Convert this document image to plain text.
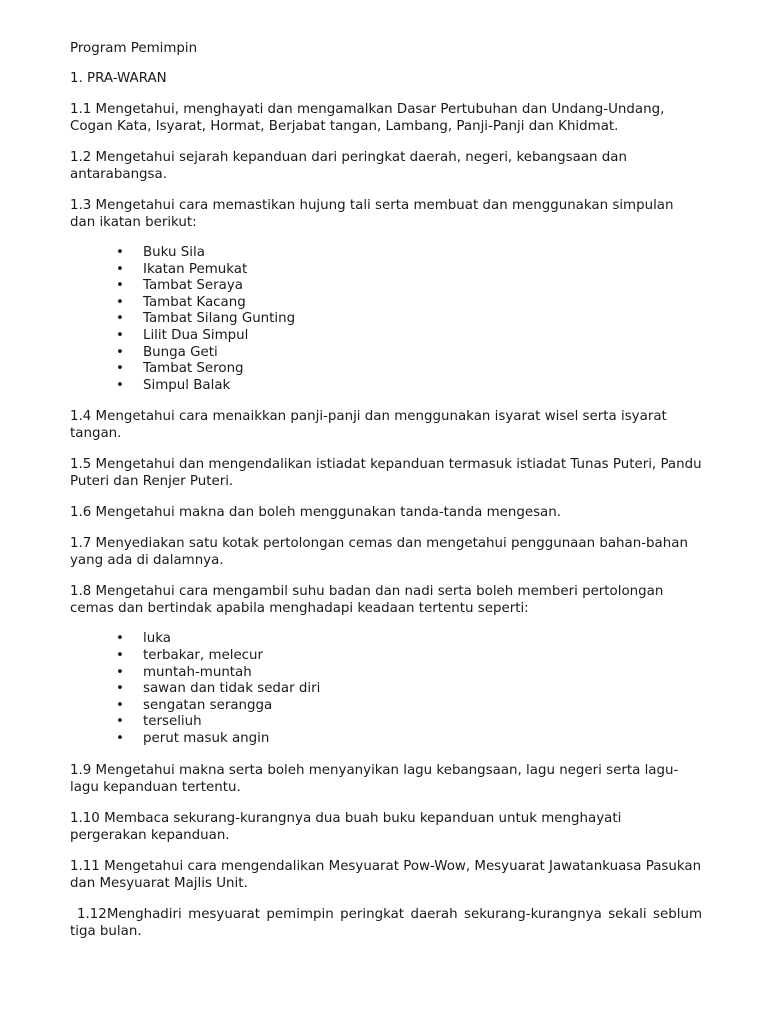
Program Pemimpin

1. PRA-WARAN

1.1 Mengetahui, menghayati dan mengamalkan Dasar Pertubuhan dan Undang-Undang, Cogan Kata, Isyarat, Hormat, Berjabat tangan, Lambang, Panji-Panji dan Khidmat.

1.2 Mengetahui sejarah kepanduan dari peringkat daerah, negeri, kebangsaan dan antarabangsa.

1.3 Mengetahui cara memastikan hujung tali serta membuat dan menggunakan simpulan dan ikatan berikut:

• Buku Sila
• Ikatan Pemukat
• Tambat Seraya
• Tambat Kacang
• Tambat Silang Gunting
• Lilit Dua Simpul
• Bunga Geti
• Tambat Serong
• Simpul Balak

1.4 Mengetahui cara menaikkan panji-panji dan menggunakan isyarat wisel serta isyarat tangan.

1.5 Mengetahui dan mengendalikan istiadat kepanduan termasuk istiadat Tunas Puteri, Pandu Puteri dan Renjer Puteri.

1.6 Mengetahui makna dan boleh menggunakan tanda-tanda mengesan.

1.7 Menyediakan satu kotak pertolongan cemas dan mengetahui penggunaan bahan-bahan yang ada di dalamnya.

1.8 Mengetahui cara mengambil suhu badan dan nadi serta boleh memberi pertolongan cemas dan bertindak apabila menghadapi keadaan tertentu seperti:

• luka
• terbakar, melecur
• muntah-muntah
• sawan dan tidak sedar diri
• sengatan serangga
• terseliuh
• perut masuk angin

1.9 Mengetahui makna serta boleh menyanyikan lagu kebangsaan, lagu negeri serta lagu-lagu kepanduan tertentu.

1.10 Membaca sekurang-kurangnya dua buah buku kepanduan untuk menghayati pergerakan kepanduan.

1.11 Mengetahui cara mengendalikan Mesyuarat Pow-Wow, Mesyuarat Jawatankuasa Pasukan dan Mesyuarat Majlis Unit.

1.12Menghadiri mesyuarat pemimpin peringkat daerah sekurang-kurangnya sekali seblum tiga bulan.
